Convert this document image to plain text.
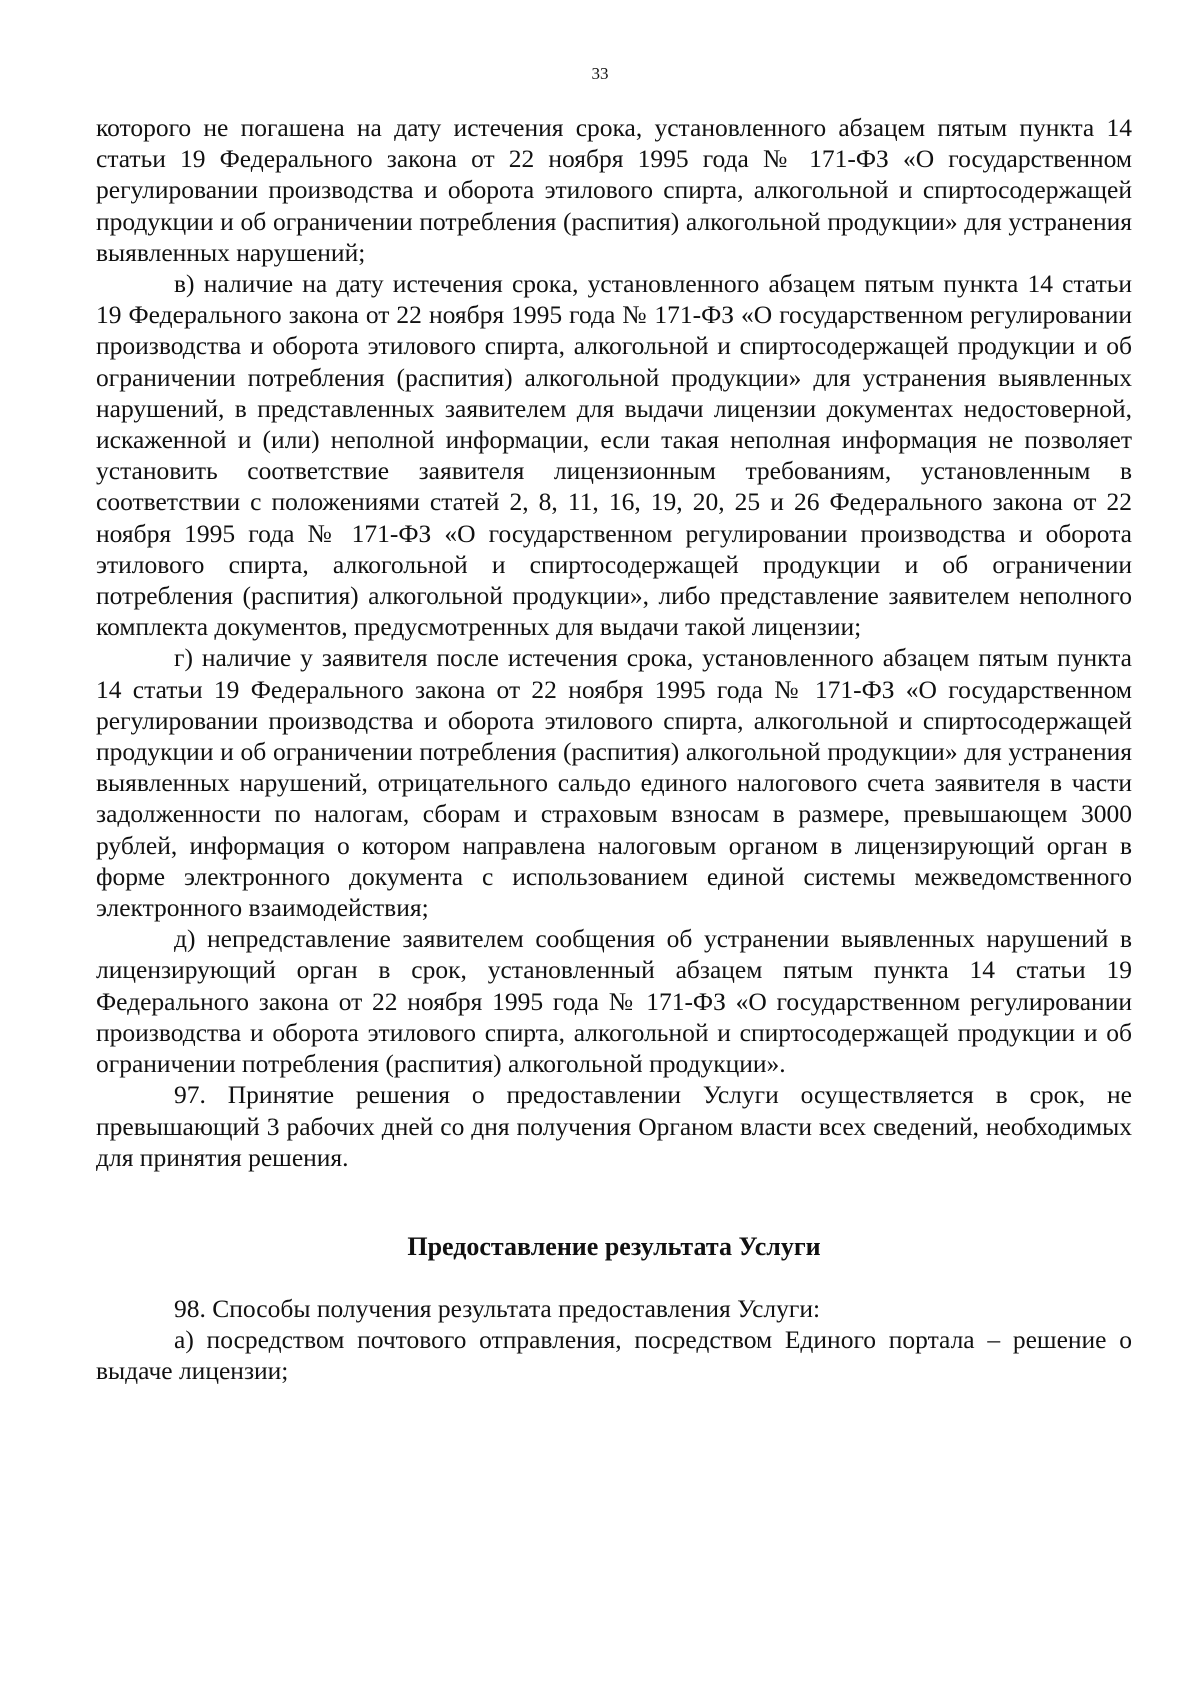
33

которого не погашена на дату истечения срока, установленного абзацем пятым пункта 14 статьи 19 Федерального закона от 22 ноября 1995 года № 171-ФЗ «О государственном регулировании производства и оборота этилового спирта, алкогольной и спиртосодержащей продукции и об ограничении потребления (распития) алкогольной продукции» для устранения выявленных нарушений;

в) наличие на дату истечения срока, установленного абзацем пятым пункта 14 статьи 19 Федерального закона от 22 ноября 1995 года № 171-ФЗ «О государственном регулировании производства и оборота этилового спирта, алкогольной и спиртосодержащей продукции и об ограничении потребления (распития) алкогольной продукции» для устранения выявленных нарушений, в представленных заявителем для выдачи лицензии документах недостоверной, искаженной и (или) неполной информации, если такая неполная информация не позволяет установить соответствие заявителя лицензионным требованиям, установленным в соответствии с положениями статей 2, 8, 11, 16, 19, 20, 25 и 26 Федерального закона от 22 ноября 1995 года № 171-ФЗ «О государственном регулировании производства и оборота этилового спирта, алкогольной и спиртосодержащей продукции и об ограничении потребления (распития) алкогольной продукции», либо представление заявителем неполного комплекта документов, предусмотренных для выдачи такой лицензии;

г) наличие у заявителя после истечения срока, установленного абзацем пятым пункта 14 статьи 19 Федерального закона от 22 ноября 1995 года № 171-ФЗ «О государственном регулировании производства и оборота этилового спирта, алкогольной и спиртосодержащей продукции и об ограничении потребления (распития) алкогольной продукции» для устранения выявленных нарушений, отрицательного сальдо единого налогового счета заявителя в части задолженности по налогам, сборам и страховым взносам в размере, превышающем 3000 рублей, информация о котором направлена налоговым органом в лицензирующий орган в форме электронного документа с использованием единой системы межведомственного электронного взаимодействия;

д) непредставление заявителем сообщения об устранении выявленных нарушений в лицензирующий орган в срок, установленный абзацем пятым пункта 14 статьи 19 Федерального закона от 22 ноября 1995 года № 171-ФЗ «О государственном регулировании производства и оборота этилового спирта, алкогольной и спиртосодержащей продукции и об ограничении потребления (распития) алкогольной продукции».

97. Принятие решения о предоставлении Услуги осуществляется в срок, не превышающий 3 рабочих дней со дня получения Органом власти всех сведений, необходимых для принятия решения.

Предоставление результата Услуги

98. Способы получения результата предоставления Услуги:

а) посредством почтового отправления, посредством Единого портала – решение о выдаче лицензии;
